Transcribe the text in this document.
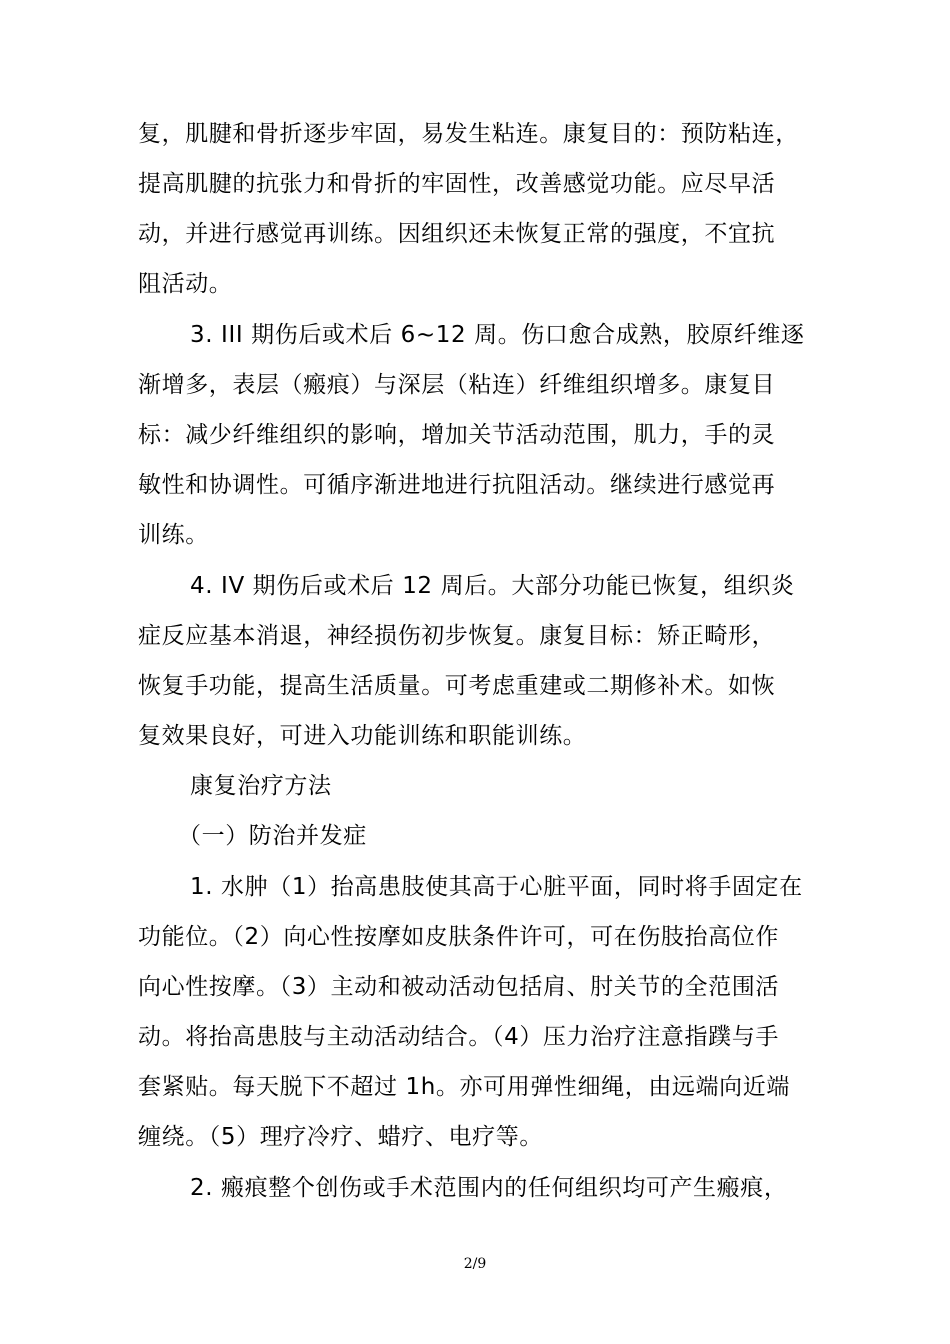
复，肌腱和骨折逐步牢固，易发生粘连。康复目的：预防粘连，
提高肌腱的抗张力和骨折的牢固性，改善感觉功能。应尽早活
动，并进行感觉再训练。因组织还未恢复正常的强度，不宜抗
阻活动。
3. III 期伤后或术后 6~12 周。伤口愈合成熟，胶原纤维逐
渐增多，表层（瘢痕）与深层（粘连）纤维组织增多。康复目
标：减少纤维组织的影响，增加关节活动范围，肌力，手的灵
敏性和协调性。可循序渐进地进行抗阻活动。继续进行感觉再
训练。
4. IV 期伤后或术后 12 周后。大部分功能已恢复，组织炎
症反应基本消退，神经损伤初步恢复。康复目标：矫正畸形，
恢复手功能，提高生活质量。可考虑重建或二期修补术。如恢
复效果良好，可进入功能训练和职能训练。
康复治疗方法
（一）防治并发症
1. 水肿（1）抬高患肢使其高于心脏平面，同时将手固定在
功能位。（2）向心性按摩如皮肤条件许可，可在伤肢抬高位作
向心性按摩。（3）主动和被动活动包括肩、肘关节的全范围活
动。将抬高患肢与主动活动结合。（4）压力治疗注意指蹼与手
套紧贴。每天脱下不超过 1h。亦可用弹性细绳，由远端向近端
缠绕。（5）理疗冷疗、蜡疗、电疗等。
2. 瘢痕整个创伤或手术范围内的任何组织均可产生瘢痕，
2/9
